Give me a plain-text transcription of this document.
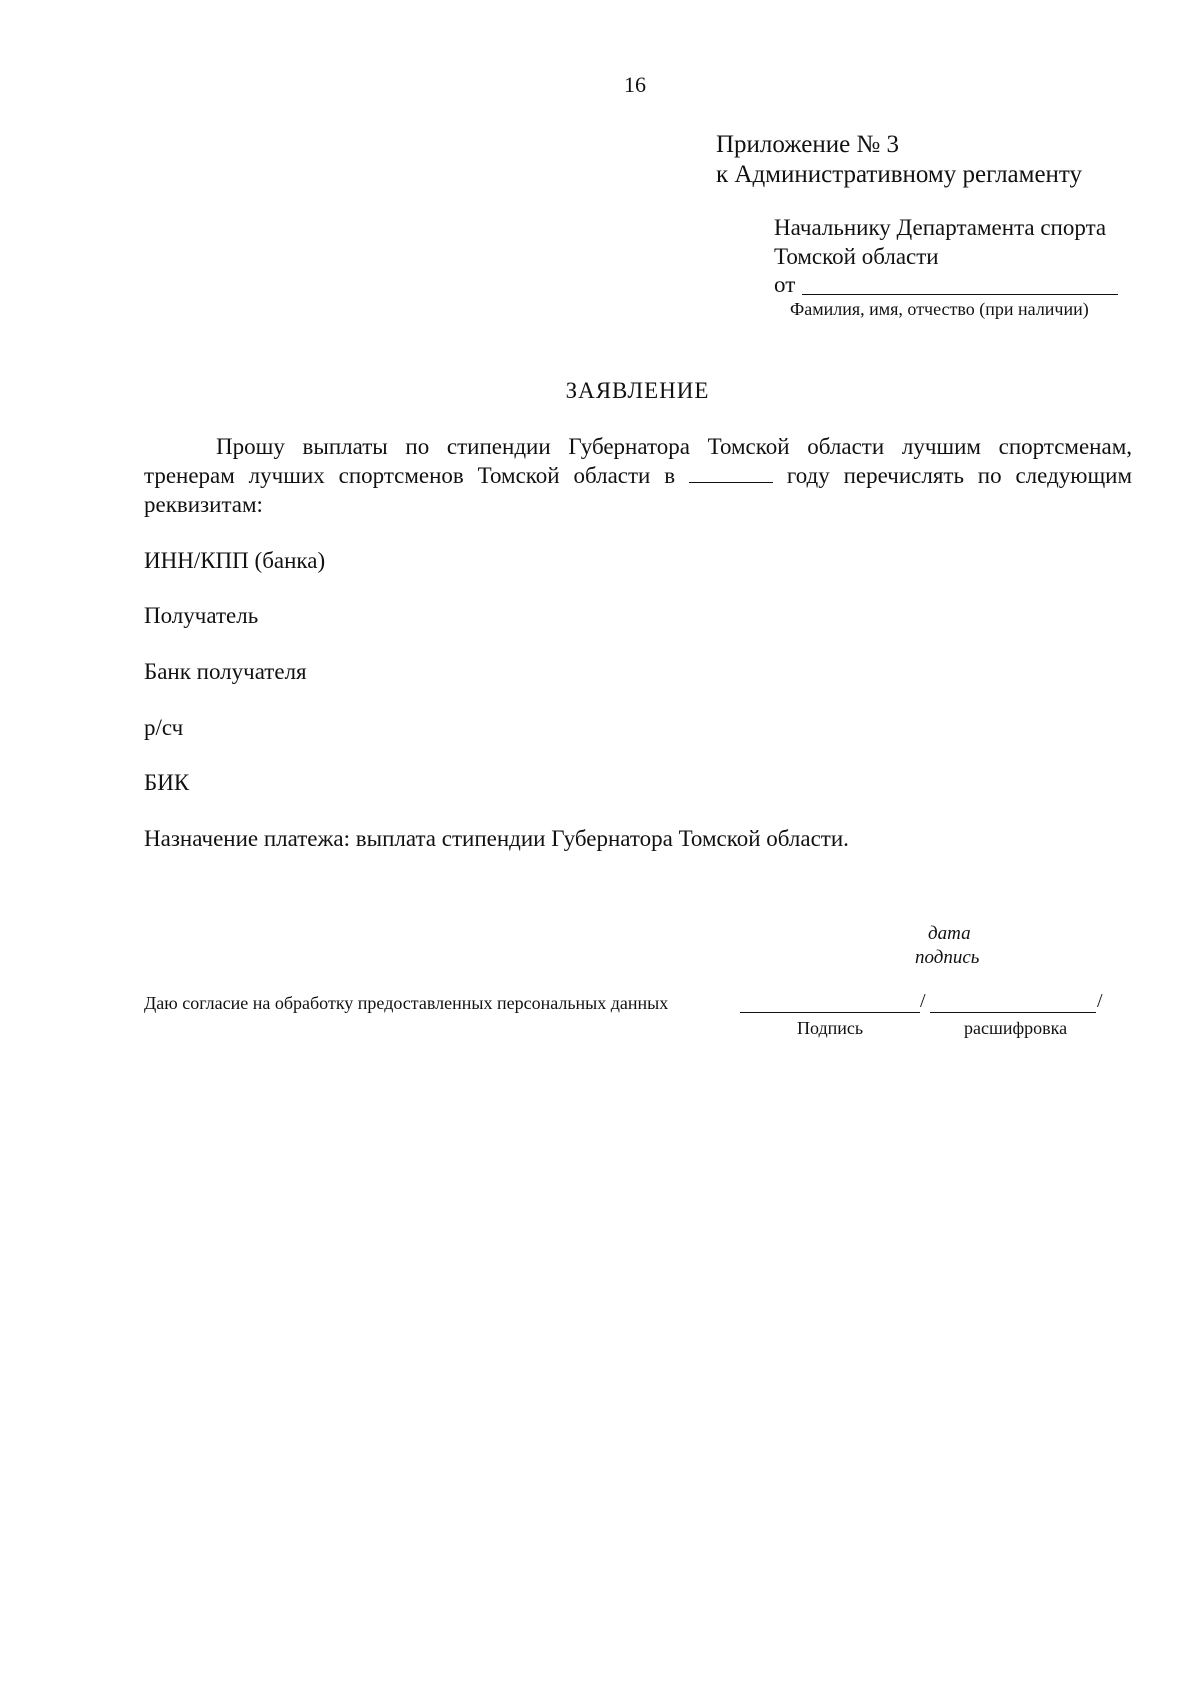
16
Приложение № 3
к Административному регламенту
Начальнику Департамента спорта
Томской области
от
Фамилия, имя, отчество (при наличии)
ЗАЯВЛЕНИЕ
Прошу выплаты по стипендии Губернатора Томской области лучшим спортсменам,
тренерам лучших спортсменов Томской области в	году перечислять по следующим
реквизитам:
ИНН/КПП (банка)
Получатель
Банк получателя
р/сч
БИК
Назначение платежа: выплата стипендии Губернатора Томской области.
дата
подпись
Даю согласие на обработку предоставленных персональных данных	/	/
Подпись	расшифровка
